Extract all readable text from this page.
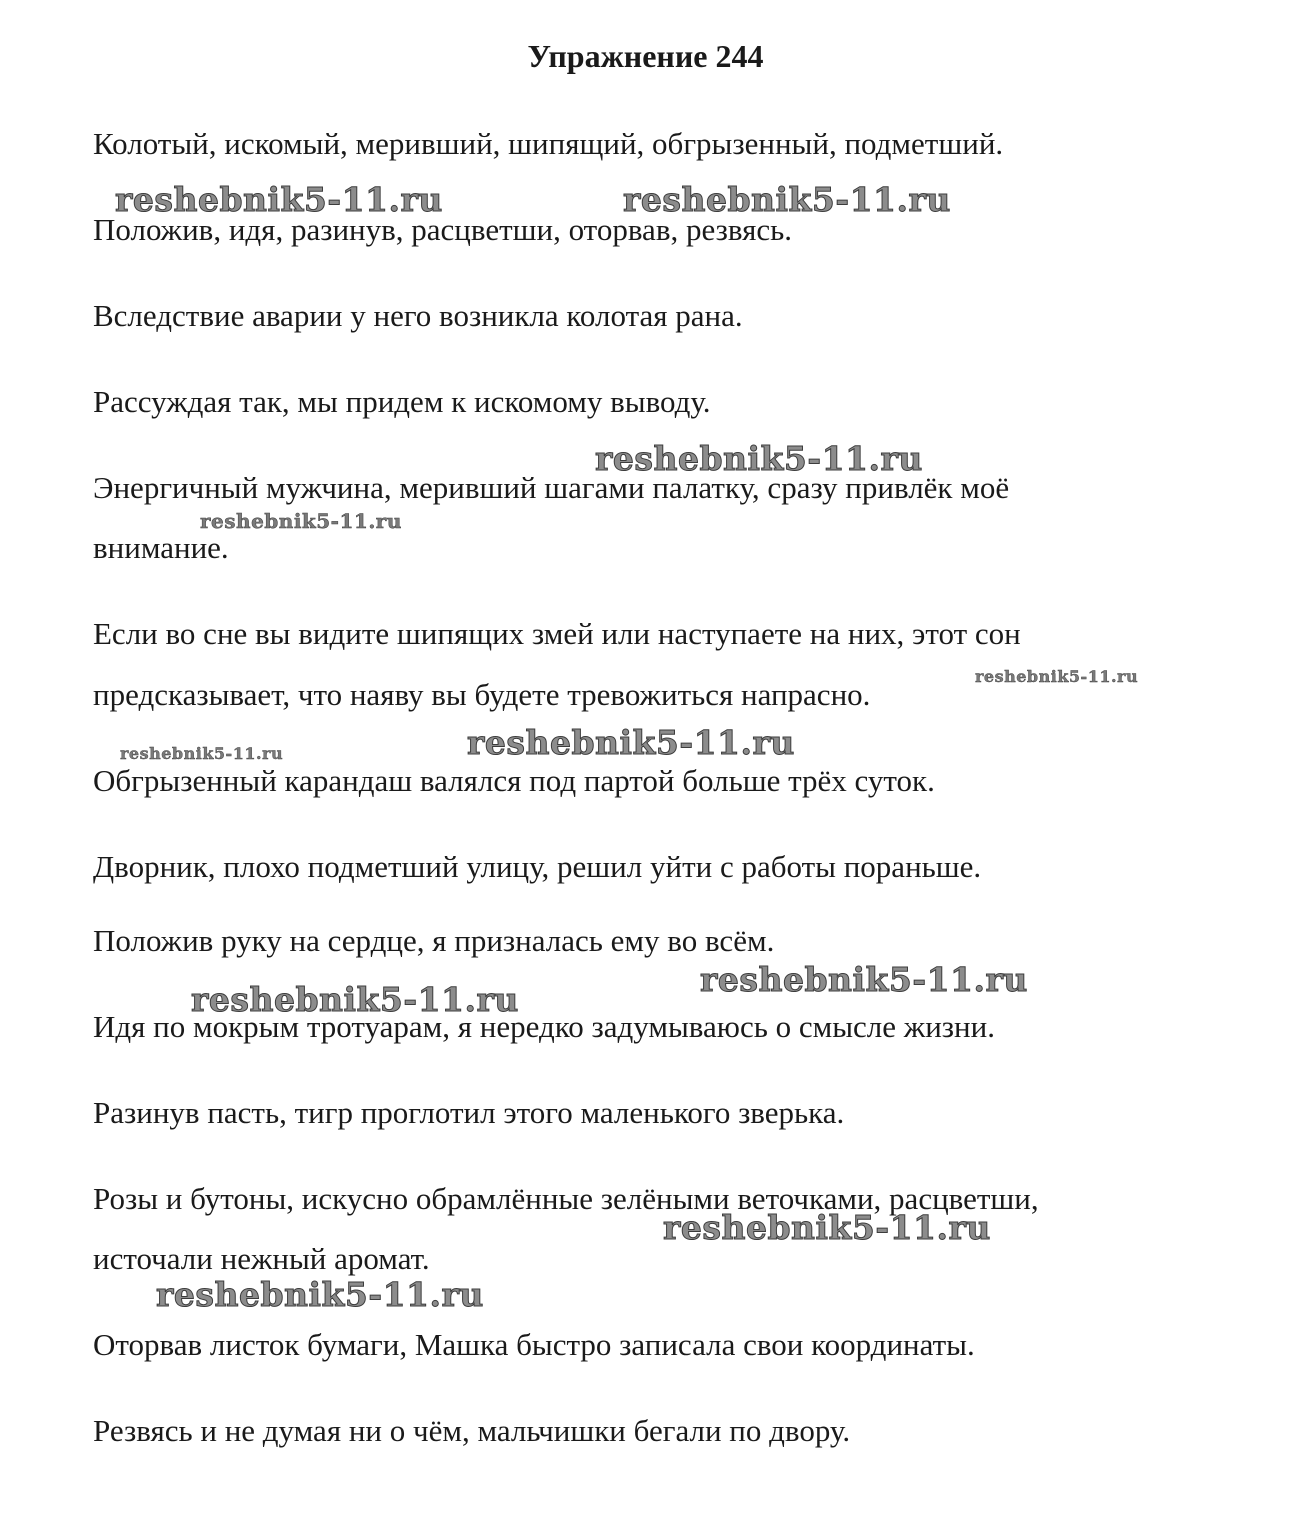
Упражнение 244

Колотый, искомый, меривший, шипящий, обгрызенный, подметший.

Положив, идя, разинув, расцветши, оторвав, резвясь.

Вследствие аварии у него возникла колотая рана.

Рассуждая так, мы придем к искомому выводу.

Энергичный мужчина, меривший шагами палатку, сразу привлёк моё

внимание.

Если во сне вы видите шипящих змей или наступаете на них, этот сон

предсказывает, что наяву вы будете тревожиться напрасно.

Обгрызенный карандаш валялся под партой больше трёх суток.

Дворник, плохо подметший улицу, решил уйти с работы пораньше.

Положив руку на сердце, я призналась ему во всём.

Идя по мокрым тротуарам, я нередко задумываюсь о смысле жизни.

Разинув пасть, тигр проглотил этого маленького зверька.

Розы и бутоны, искусно обрамлённые зелёными веточками, расцветши,

источали нежный аромат.

Оторвав листок бумаги, Машка быстро записала свои координаты.

Резвясь и не думая ни о чём, мальчишки бегали по двору.

reshebnik5-11.ru	reshebnik5-11.ru
reshebnik5-11.ru
reshebnik5-11.ru
reshebnik5-11.ru
reshebnik5-11.ru	reshebnik5-11.ru
reshebnik5-11.ru
reshebnik5-11.ru
reshebnik5-11.ru
reshebnik5-11.ru
